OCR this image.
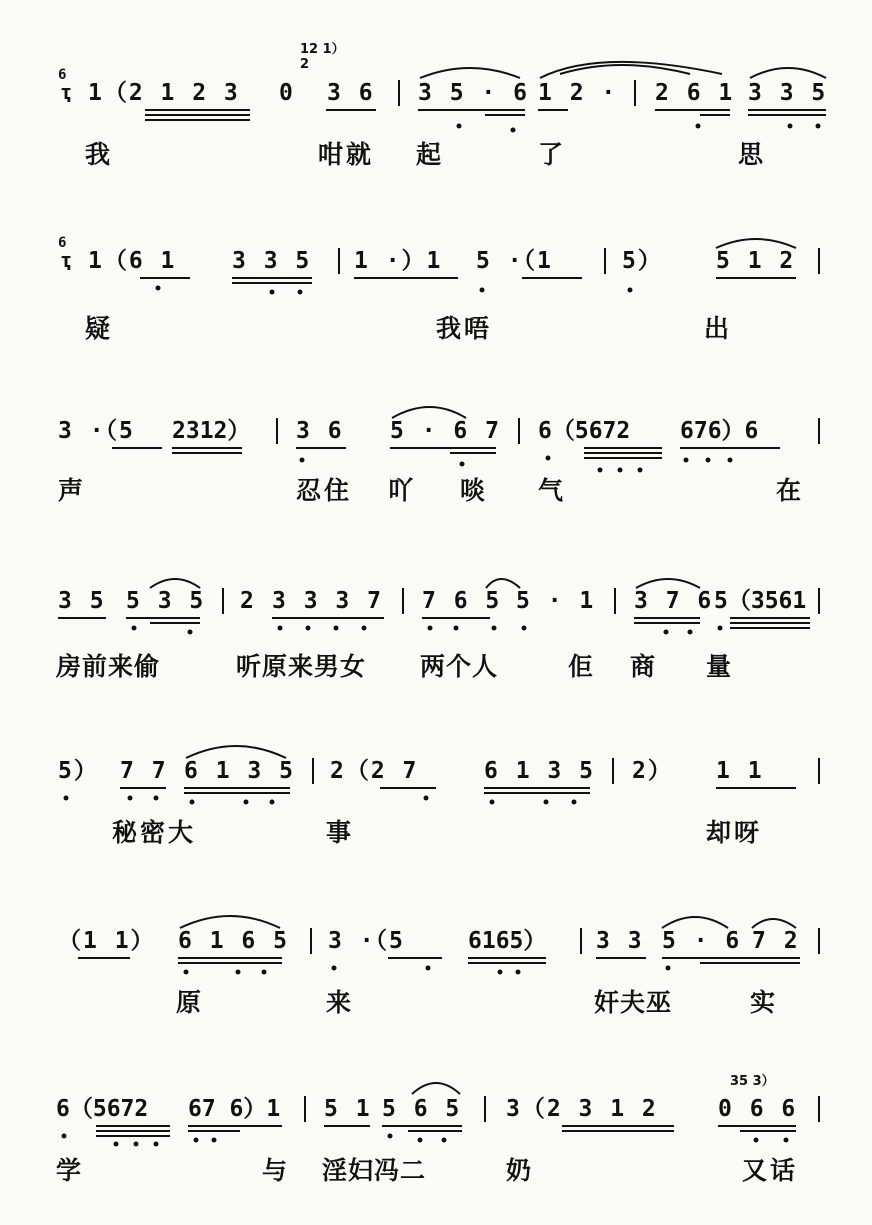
12 1）
2
6
ҭ 1（2 1 2 3 0 3 6 3 5 · 6 1 2 · 2 6 1 3 3 5
我	咁就 起	了	思
6
ҭ 1（6 1 3 3 5 1 ·）1 5 ·（1	5） 5 1 2
疑	我唔	出
3 ·（5 2312） 3 6 5 · 6 7 6（5672 676）6
声	忍住 吖 啖 气	在
3 5 5 3 5 2 3 3 3 7 7 6 5 5 · 1 3 7 6 5（3561
房前来偷	听原来男女 两个人	佢 商 量
5） 7 7 6 1 3 5 2（2 7	6 1 3 5 2） 1 1
秘密大	事	却呀
（1 1） 6 1 6 5 3 ·（5	6165） 3 3 5 · 6 7 2
原	来	奸夫巫	实
35 3）
6（5672 67 6）1 5 1 5 6 5 3（2 3 1 2	0 6 6
学	与 淫妇冯二	奶	又话
